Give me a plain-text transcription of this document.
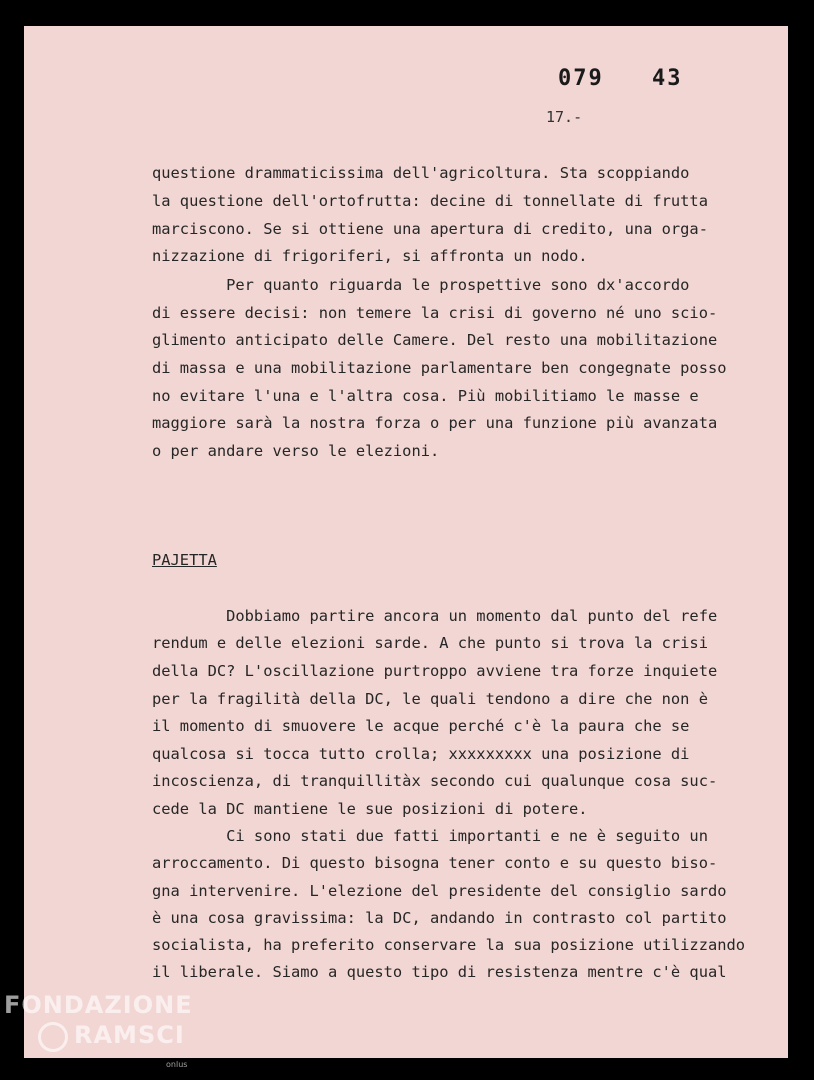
079 43
17.-
questione drammaticissima dell'agricoltura. Sta scoppiando
la questione dell'ortofrutta: decine di tonnellate di frutta
marciscono. Se si ottiene una apertura di credito, una orga-
nizzazione di frigoriferi, si affronta un nodo.
Per quanto riguarda le prospettive sono dx'accordo
di essere decisi: non temere la crisi di governo né uno scio-
glimento anticipato delle Camere. Del resto una mobilitazione
di massa e una mobilitazione parlamentare ben congegnate posso
no evitare l'una e l'altra cosa. Più mobilitiamo le masse e
maggiore sarà la nostra forza o per una funzione più avanzata
o per andare verso le elezioni.
PAJETTA
Dobbiamo partire ancora un momento dal punto del refe
rendum e delle elezioni sarde. A che punto si trova la crisi
della DC? L'oscillazione purtroppo avviene tra forze inquiete
per la fragilità della DC, le quali tendono a dire che non è
il momento di smuovere le acque perché c'è la paura che se
qualcosa si tocca tutto crolla; xxxxxxxxx una posizione di
incoscienza, di tranquillitàx secondo cui qualunque cosa suc-
cede la DC mantiene le sue posizioni di potere.
Ci sono stati due fatti importanti e ne è seguito un
arroccamento. Di questo bisogna tener conto e su questo biso-
gna intervenire. L'elezione del presidente del consiglio sardo
è una cosa gravissima: la DC, andando in contrasto col partito
socialista, ha preferito conservare la sua posizione utilizzando
il liberale. Siamo a questo tipo di resistenza mentre c'è qual
FONDAZIONE
RAMSCI
onlus
